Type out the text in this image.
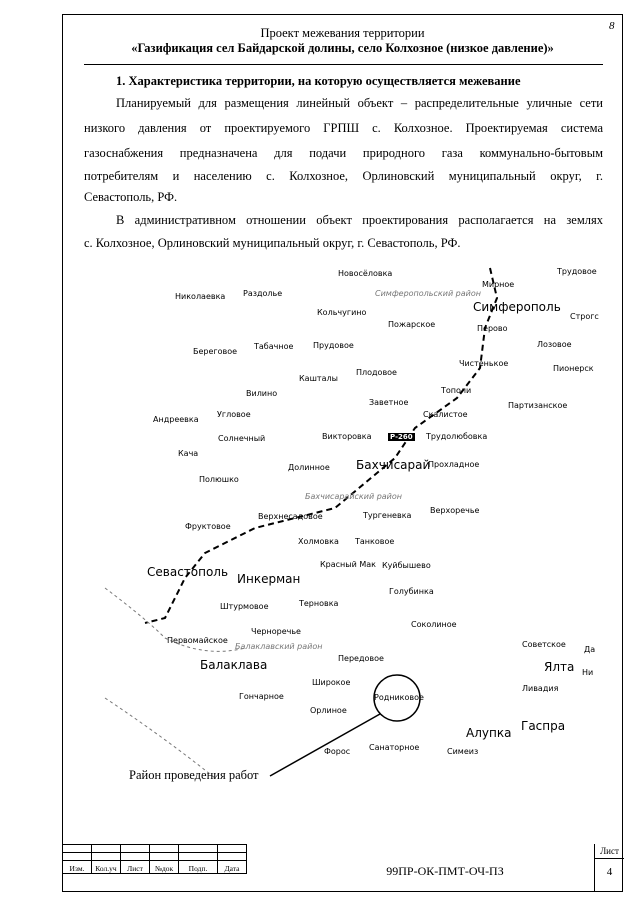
8
Проект межевания территории
«Газификация сел Байдарской долины, село Колхозное (низкое давление)»
1. Характеристика территории, на которую осуществляется межевание
Планируемый для размещения линейный объект – распределительные уличные сети
низкого давления от проектируемого ГРПШ с. Колхозное. Проектируемая система
газоснабжения предназначена для подачи природного газа коммунально-бытовым
потребителям и населению с. Колхозное, Орлиновский муниципальный округ, г.
Севастополь, РФ.
В административном отношении объект проектирования располагается на землях
с. Колхозное, Орлиновский муниципальный округ, г. Севастополь, РФ.
Новосёловка
Мирное
Трудовое
Николаевка Раздолье
Симферополь
Строгс
Кольчугино
Пожарское	Перово
Береговое
Табачное Прудовое	Лозовое
Чистенькое
Пионерск
Кашталы
Плодовое
Тополи
Вилино
Заветное	Партизанское
Андреевка
Угловое	Скалистое
Солнечный	Викторовка	Р-260 Трудолюбовка
Кача
Бахчисарай
Прохладное
Долинное
Полюшко
Фруктовое
Верхнесадовое	Тургеневка
Верхоречье
Холмовка Танковое
Севастополь Инкерман
Красный Мак Куйбышево
Штурмовое	Терновка
Голубинка
Соколиное
Черноречье
Первомайское
Балаклава	Передовое
Советское
Да
Ялта Ни
Широкое
Ливадия
Гончарное	Родниковое
Орлиное
Алупка Гаспра
Форос Санаторное	Симеиз
Симферопольский район
Бахчисарайский район
Балаклавский район
Район проведения работ

Изм.	Кол.уч	Лист	№док	Подп.	Дата		99ПР-ОК-ПМТ-ОЧ-ПЗ
Лист
4
